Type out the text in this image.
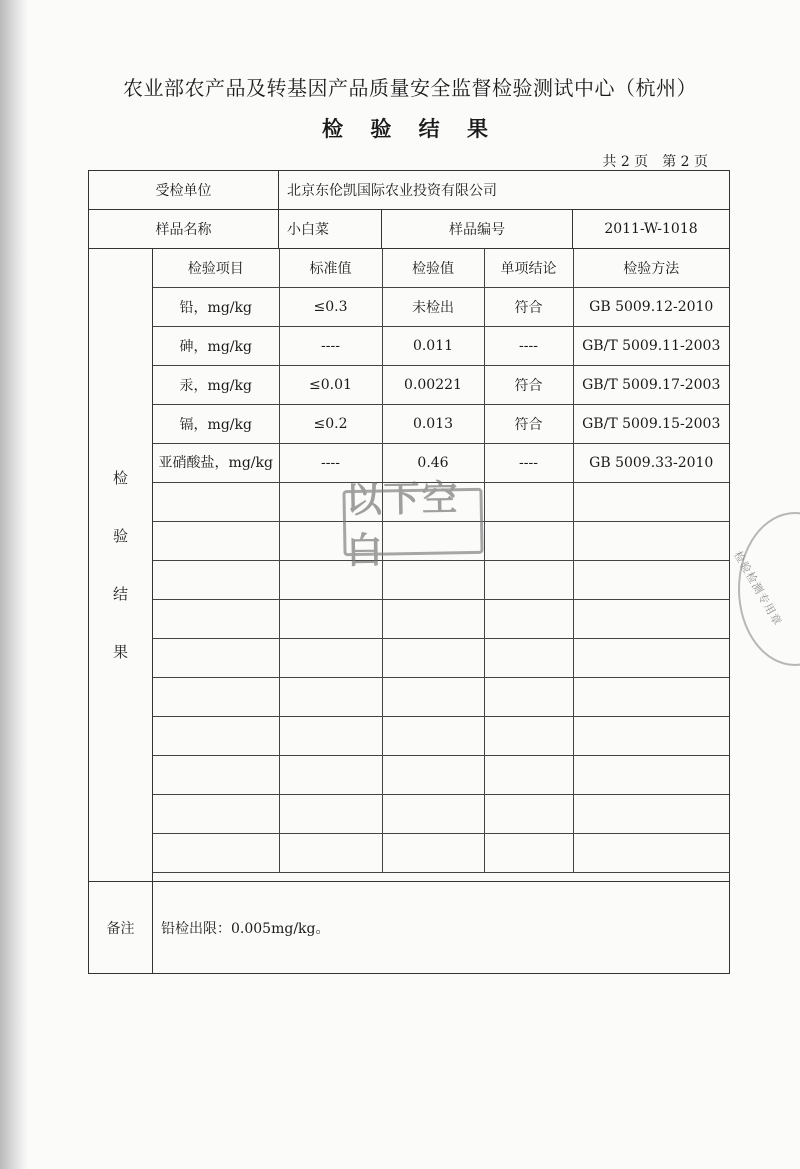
农业部农产品及转基因产品质量安全监督检验测试中心（杭州）
检 验 结 果
共 2 页 第 2 页
受检单位	北京东伦凯国际农业投资有限公司
样品名称	小白菜	样品编号	2011-W-1018

检
验
结
果

检验项目	标准值	检验值	单项结论	检验方法
铅，mg/kg	≤0.3	未检出	符合	GB 5009.12-2010
砷，mg/kg	----	0.011	----	GB/T 5009.11-2003
汞，mg/kg	≤0.01	0.00221	符合	GB/T 5009.17-2003
镉，mg/kg	≤0.2	0.013	符合	GB/T 5009.15-2003
亚硝酸盐，mg/kg	----	0.46	----	GB 5009.33-2010

备注	铅检出限：0.005mg/kg。
以下空白	检验检测专用章
